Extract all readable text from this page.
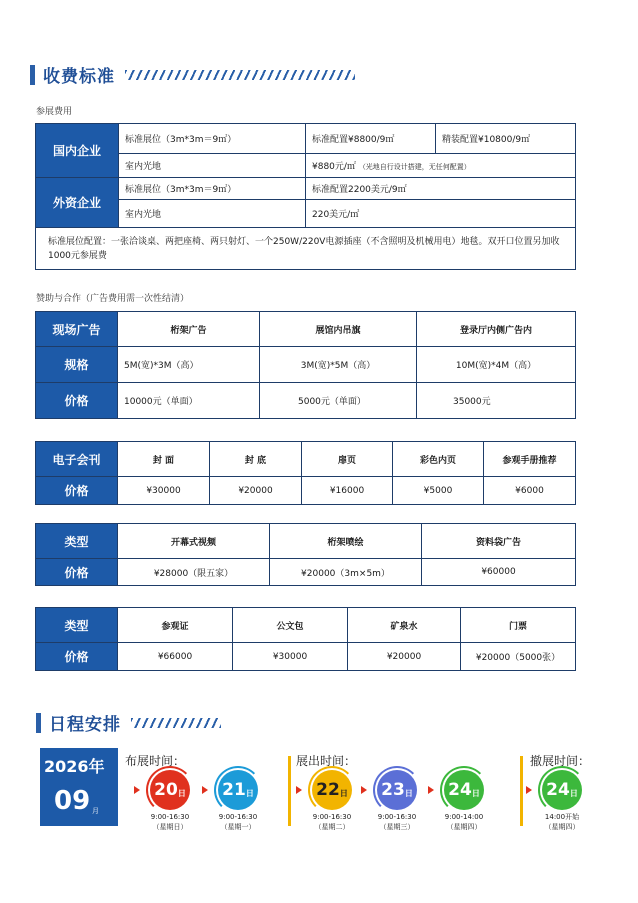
收费标准
参展费用
国内企业	标准展位（3m*3m＝9㎡）	标准配置¥8800/9㎡	精装配置¥10800/9㎡
	室内光地	¥880元/㎡ （光地自行设计搭建，无任何配置）	
外资企业	标准展位（3m*3m＝9㎡）	标准配置2200美元/9㎡	
	室内光地	220美元/㎡	
标准展位配置：一张洽谈桌、两把座椅、两只射灯、一个250W/220V电源插座（不含照明及机械用电）地毯。双开口位置另加收1000元参展费			
赞助与合作（广告费用需一次性结清）
现场广告	桁架广告	展馆内吊旗	登录厅内侧广告内
规格	5M(宽)*3M（高）	3M(宽)*5M（高）	10M(宽)*4M（高）
价格	10000元（单面）	5000元（单面）	35000元
电子会刊	封 面	封 底	扉页	彩色内页	参观手册推荐
价格	¥30000	¥20000	¥16000	¥5000	¥6000
类型	开幕式视频	桁架喷绘	资料袋广告
价格	¥28000（限五家）	¥20000（3m×5m）	¥60000
类型	参观证	公文包	矿泉水	门票
价格	¥66000	¥30000	¥20000	¥20000（5000张）
日程安排
2026年
09 月
布展时间：	展出时间：	撤展时间：
20 日
9:00-16:30
（星期日）
21 日
9:00-16:30
（星期一）
22 日
9:00-16:30
（星期二）
23 日
9:00-16:30
（星期三）
24 日
9:00-14:00
（星期四）
24 日
14:00开始
（星期四）
